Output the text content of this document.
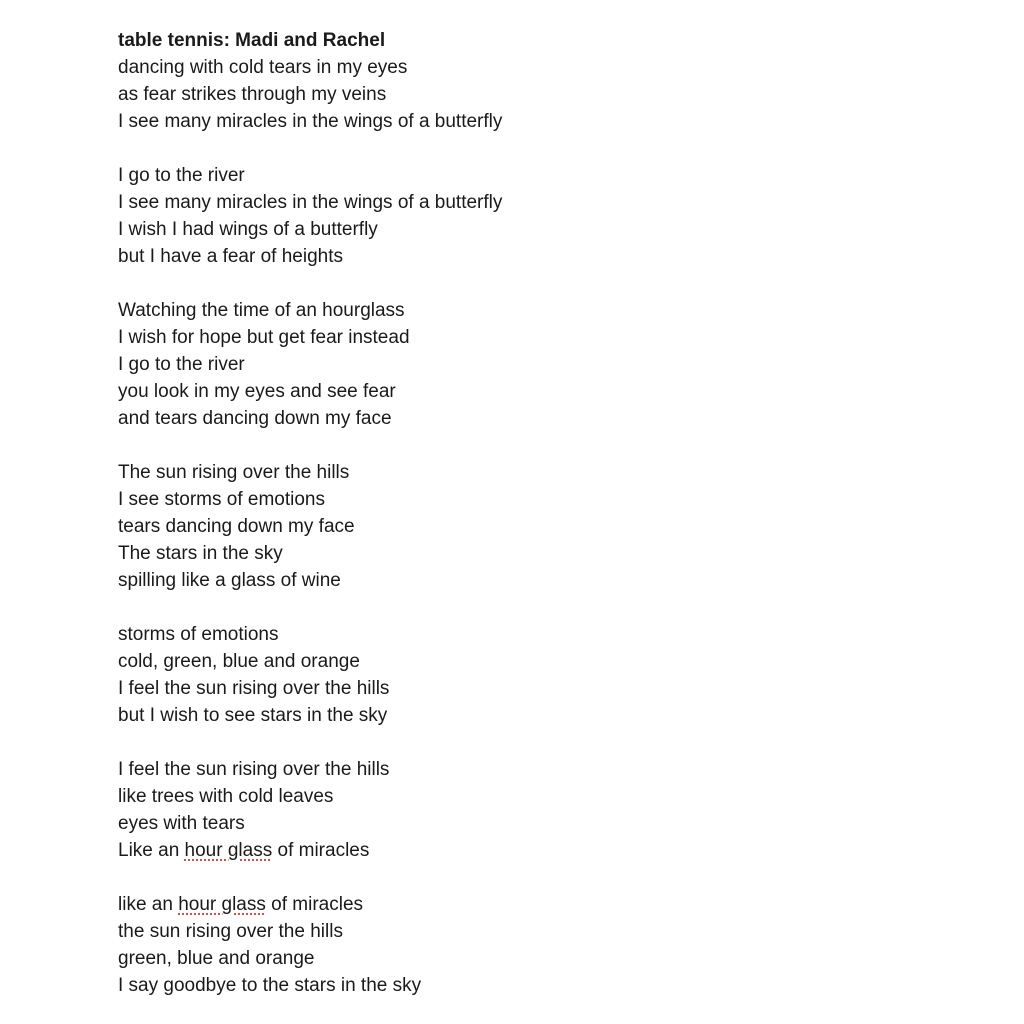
table tennis: Madi and Rachel
dancing with cold tears in my eyes
as fear strikes through my veins
I see many miracles in the wings of a butterfly
I go to the river
I see many miracles in the wings of a butterfly
I wish I had wings of a butterfly
but I have a fear of heights
Watching the time of an hourglass
I wish for hope but get fear instead
I go to the river
you look in my eyes and see fear
and tears dancing down my face
The sun rising over the hills
I see storms of emotions
tears dancing down my face
The stars in the sky
spilling like a glass of wine
storms of emotions
cold, green, blue and orange
I feel the sun rising over the hills
but I wish to see stars in the sky
I feel the sun rising over the hills
like trees with cold leaves
eyes with tears
Like an hour glass of miracles
like an hour glass of miracles
the sun rising over the hills
green, blue and orange
I say goodbye to the stars in the sky
